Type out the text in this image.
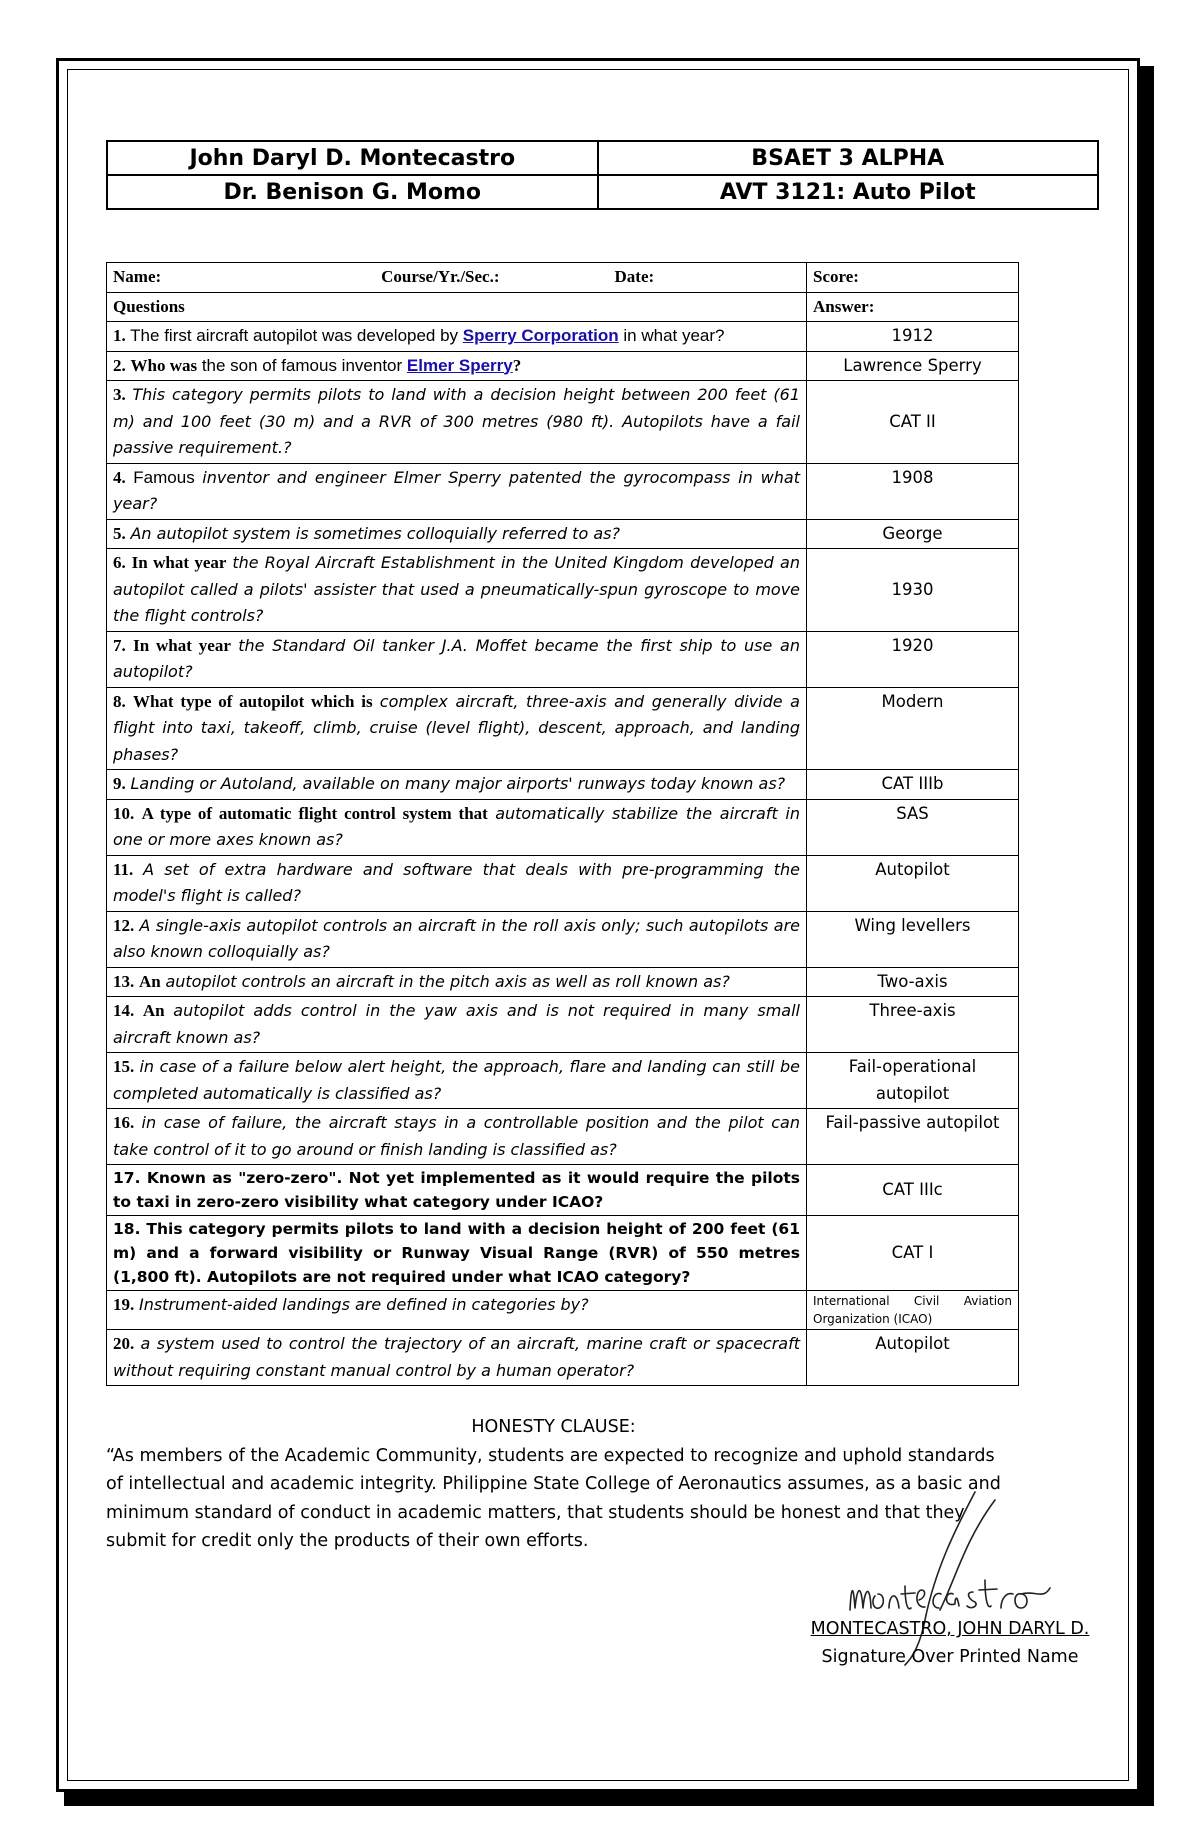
John Daryl D. Montecastro	BSAET 3 ALPHA
Dr. Benison G. Momo	AVT 3121: Auto Pilot
Name: Course/Yr./Sec.: Date:	Score:
Questions	Answer:
1. The first aircraft autopilot was developed by Sperry Corporation in what year?	1912
2. Who was the son of famous inventor Elmer Sperry?	Lawrence Sperry
3. This category permits pilots to land with a decision height between 200 feet (61 m) and 100 feet (30 m) and a RVR of 300 metres (980 ft). Autopilots have a fail passive requirement.?	CAT II
4. Famous inventor and engineer Elmer Sperry patented the gyrocompass in what year?	1908
5. An autopilot system is sometimes colloquially referred to as?	George
6. In what year the Royal Aircraft Establishment in the United Kingdom developed an autopilot called a pilots' assister that used a pneumatically-spun gyroscope to move the flight controls?	1930
7. In what year the Standard Oil tanker J.A. Moffet became the first ship to use an autopilot?	1920
8. What type of autopilot which is complex aircraft, three-axis and generally divide a flight into taxi, takeoff, climb, cruise (level flight), descent, approach, and landing phases?	Modern
9. Landing or Autoland, available on many major airports' runways today known as?	CAT IIIb
10. A type of automatic flight control system that automatically stabilize the aircraft in one or more axes known as?	SAS
11. A set of extra hardware and software that deals with pre-programming the model's flight is called?	Autopilot
12. A single-axis autopilot controls an aircraft in the roll axis only; such autopilots are also known colloquially as?	Wing levellers
13. An autopilot controls an aircraft in the pitch axis as well as roll known as?	Two-axis
14. An autopilot adds control in the yaw axis and is not required in many small aircraft known as?	Three-axis
15. in case of a failure below alert height, the approach, flare and landing can still be completed automatically is classified as?	Fail-operational autopilot
16. in case of failure, the aircraft stays in a controllable position and the pilot can take control of it to go around or finish landing is classified as?	Fail-passive autopilot
17. Known as "zero-zero". Not yet implemented as it would require the pilots to taxi in zero-zero visibility what category under ICAO?	CAT IIIc
18. This category permits pilots to land with a decision height of 200 feet (61 m) and a forward visibility or Runway Visual Range (RVR) of 550 metres (1,800 ft). Autopilots are not required under what ICAO category?	CAT I
19. Instrument-aided landings are defined in categories by?	International Civil Aviation Organization (ICAO)
20. a system used to control the trajectory of an aircraft, marine craft or spacecraft without requiring constant manual control by a human operator?	Autopilot
HONESTY CLAUSE:
“As members of the Academic Community, students are expected to recognize and uphold standards of intellectual and academic integrity. Philippine State College of Aeronautics assumes, as a basic and minimum standard of conduct in academic matters, that students should be honest and that they submit for credit only the products of their own efforts.
MONTECASTRO, JOHN DARYL D.
Signature Over Printed Name
